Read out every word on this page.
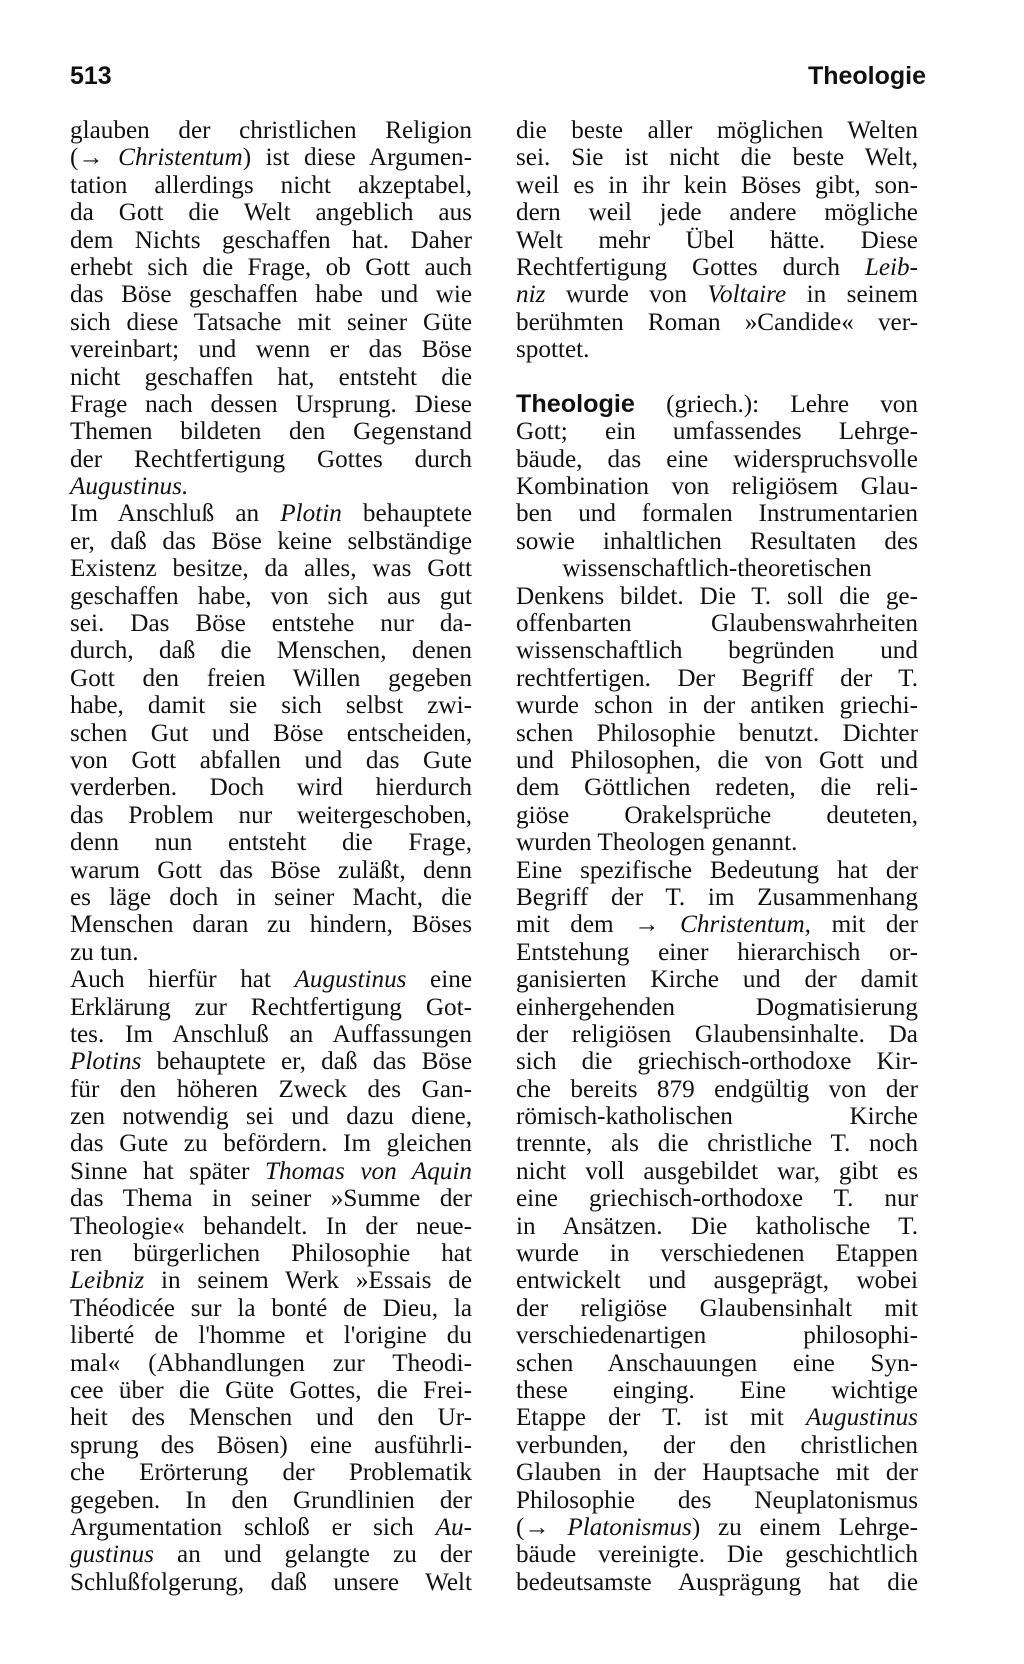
513	Theologie
glauben der christlichen Religion
(→ Christentum) ist diese Argumen-
tation allerdings nicht akzeptabel,
da Gott die Welt angeblich aus
dem Nichts geschaffen hat. Daher
erhebt sich die Frage, ob Gott auch
das Böse geschaffen habe und wie
sich diese Tatsache mit seiner Güte
vereinbart; und wenn er das Böse
nicht geschaffen hat, entsteht die
Frage nach dessen Ursprung. Diese
Themen bildeten den Gegenstand
der Rechtfertigung Gottes durch
Augustinus.
Im Anschluß an Plotin behauptete
er, daß das Böse keine selbständige
Existenz besitze, da alles, was Gott
geschaffen habe, von sich aus gut
sei. Das Böse entstehe nur da-
durch, daß die Menschen, denen
Gott den freien Willen gegeben
habe, damit sie sich selbst zwi-
schen Gut und Böse entscheiden,
von Gott abfallen und das Gute
verderben. Doch wird hierdurch
das Problem nur weitergeschoben,
denn nun entsteht die Frage,
warum Gott das Böse zuläßt, denn
es läge doch in seiner Macht, die
Menschen daran zu hindern, Böses
zu tun.
Auch hierfür hat Augustinus eine
Erklärung zur Rechtfertigung Got-
tes. Im Anschluß an Auffassungen
Plotins behauptete er, daß das Böse
für den höheren Zweck des Gan-
zen notwendig sei und dazu diene,
das Gute zu befördern. Im gleichen
Sinne hat später Thomas von Aquin
das Thema in seiner »Summe der
Theologie« behandelt. In der neue-
ren bürgerlichen Philosophie hat
Leibniz in seinem Werk »Essais de
Théodicée sur la bonté de Dieu, la
liberté de l'homme et l'origine du
mal« (Abhandlungen zur Theodi-
cee über die Güte Gottes, die Frei-
heit des Menschen und den Ur-
sprung des Bösen) eine ausführli-
che Erörterung der Problematik
gegeben. In den Grundlinien der
Argumentation schloß er sich Au-
gustinus an und gelangte zu der
Schlußfolgerung, daß unsere Welt
die beste aller möglichen Welten
sei. Sie ist nicht die beste Welt,
weil es in ihr kein Böses gibt, son-
dern weil jede andere mögliche
Welt mehr Übel hätte. Diese
Rechtfertigung Gottes durch Leib-
niz wurde von Voltaire in seinem
berühmten Roman »Candide« ver-
spottet.
Theologie (griech.): Lehre von
Gott; ein umfassendes Lehrge-
bäude, das eine widerspruchsvolle
Kombination von religiösem Glau-
ben und formalen Instrumentarien
sowie inhaltlichen Resultaten des
wissenschaftlich-theoretischen
Denkens bildet. Die T. soll die ge-
offenbarten Glaubenswahrheiten
wissenschaftlich begründen und
rechtfertigen. Der Begriff der T.
wurde schon in der antiken griechi-
schen Philosophie benutzt. Dichter
und Philosophen, die von Gott und
dem Göttlichen redeten, die reli-
giöse Orakelsprüche deuteten,
wurden Theologen genannt.
Eine spezifische Bedeutung hat der
Begriff der T. im Zusammenhang
mit dem → Christentum, mit der
Entstehung einer hierarchisch or-
ganisierten Kirche und der damit
einhergehenden Dogmatisierung
der religiösen Glaubensinhalte. Da
sich die griechisch-orthodoxe Kir-
che bereits 879 endgültig von der
römisch-katholischen Kirche
trennte, als die christliche T. noch
nicht voll ausgebildet war, gibt es
eine griechisch-orthodoxe T. nur
in Ansätzen. Die katholische T.
wurde in verschiedenen Etappen
entwickelt und ausgeprägt, wobei
der religiöse Glaubensinhalt mit
verschiedenartigen philosophi-
schen Anschauungen eine Syn-
these einging. Eine wichtige
Etappe der T. ist mit Augustinus
verbunden, der den christlichen
Glauben in der Hauptsache mit der
Philosophie des Neuplatonismus
(→ Platonismus) zu einem Lehrge-
bäude vereinigte. Die geschichtlich
bedeutsamste Ausprägung hat die
